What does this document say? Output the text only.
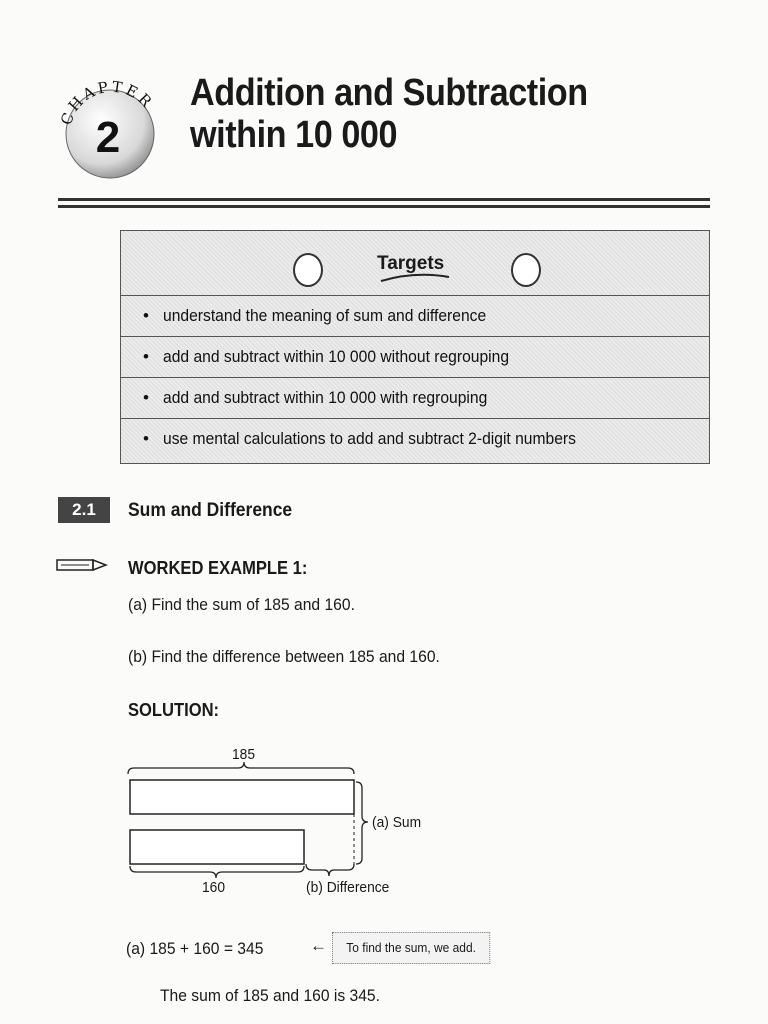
CHAPTER
2
Addition and Subtraction
within 10 000
Targets
• understand the meaning of sum and difference
• add and subtract within 10 000 without regrouping
• add and subtract within 10 000 with regrouping
• use mental calculations to add and subtract 2-digit numbers
2.1	Sum and Difference
WORKED EXAMPLE 1:
(a) Find the sum of 185 and 160.
(b) Find the difference between 185 and 160.
SOLUTION:
185
160
(a) Sum
(b) Difference
(a) 185 + 160 = 345	←	To find the sum, we add.
The sum of 185 and 160 is 345.
